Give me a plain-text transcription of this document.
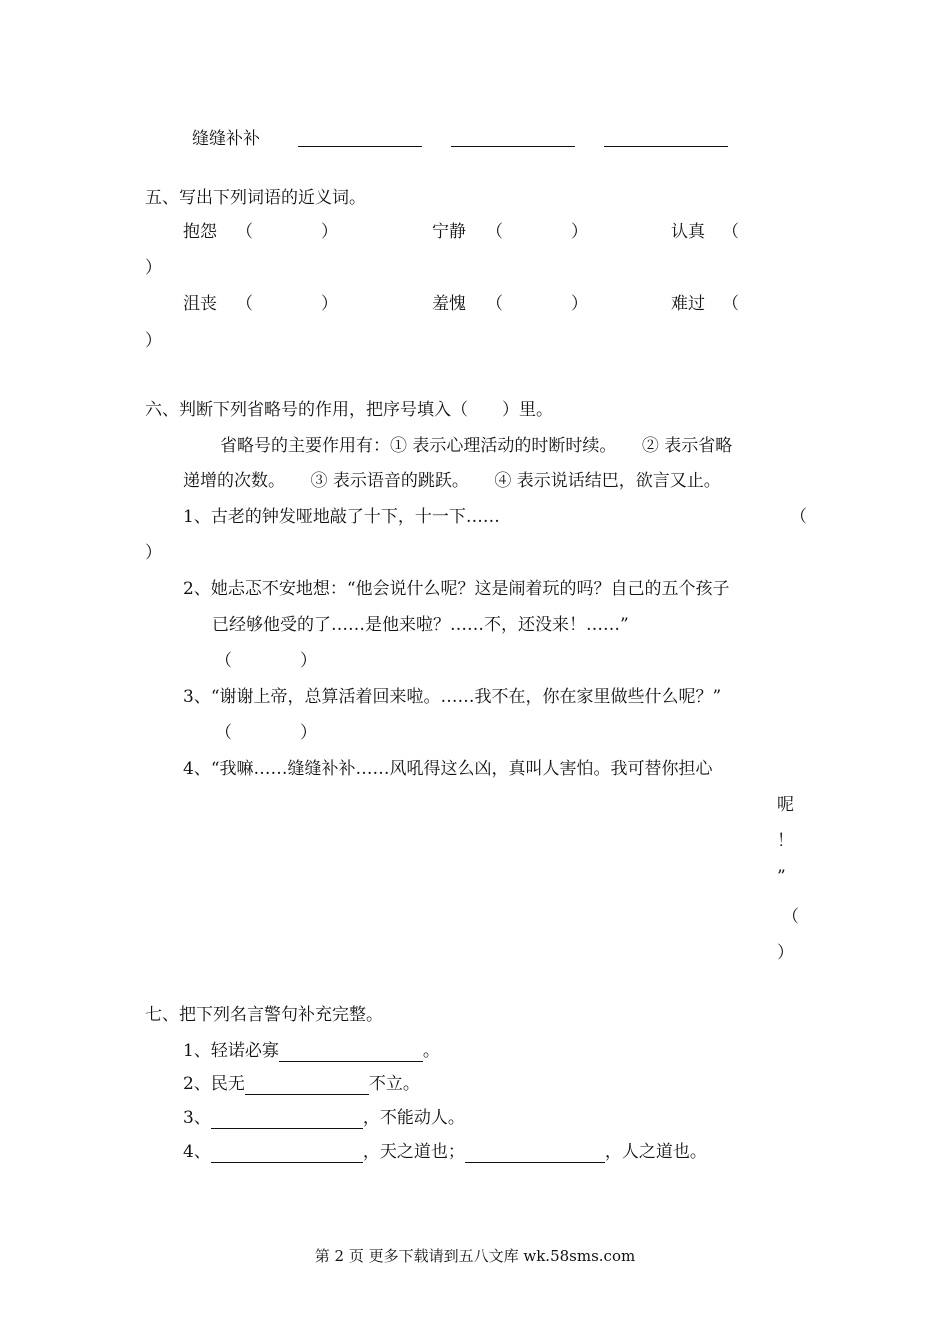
缝缝补补
五、写出下列词语的近义词。
抱怨 （　　　　）	宁静 （　　　　）	认真 （
）
沮丧 （　　　　）	羞愧 （　　　　）	难过 （
）
六、判断下列省略号的作用，把序号填入（　　）里。
省略号的主要作用有：① 表示心理活动的时断时续。　　② 表示省略
递增的次数。　　③ 表示语音的跳跃。　　④ 表示说话结巴，欲言又止。
1、古老的钟发哑地敲了十下，十一下……	（
）
2、她忐忑不安地想：“他会说什么呢？这是闹着玩的吗？自己的五个孩子
已经够他受的了……是他来啦？……不，还没来！……”
（　　　　）
3、“谢谢上帝，总算活着回来啦。……我不在，你在家里做些什么呢？”
（　　　　）
4、“我嘛……缝缝补补……风吼得这么凶，真叫人害怕。我可替你担心
呢
！
”
（
）
七、把下列名言警句补充完整。
1、轻诺必寡	。
2、民无	不立。
3、	，不能动人。
4、	，天之道也；	，人之道也。
第 2 页 更多下载请到五八文库 wk.58sms.com
